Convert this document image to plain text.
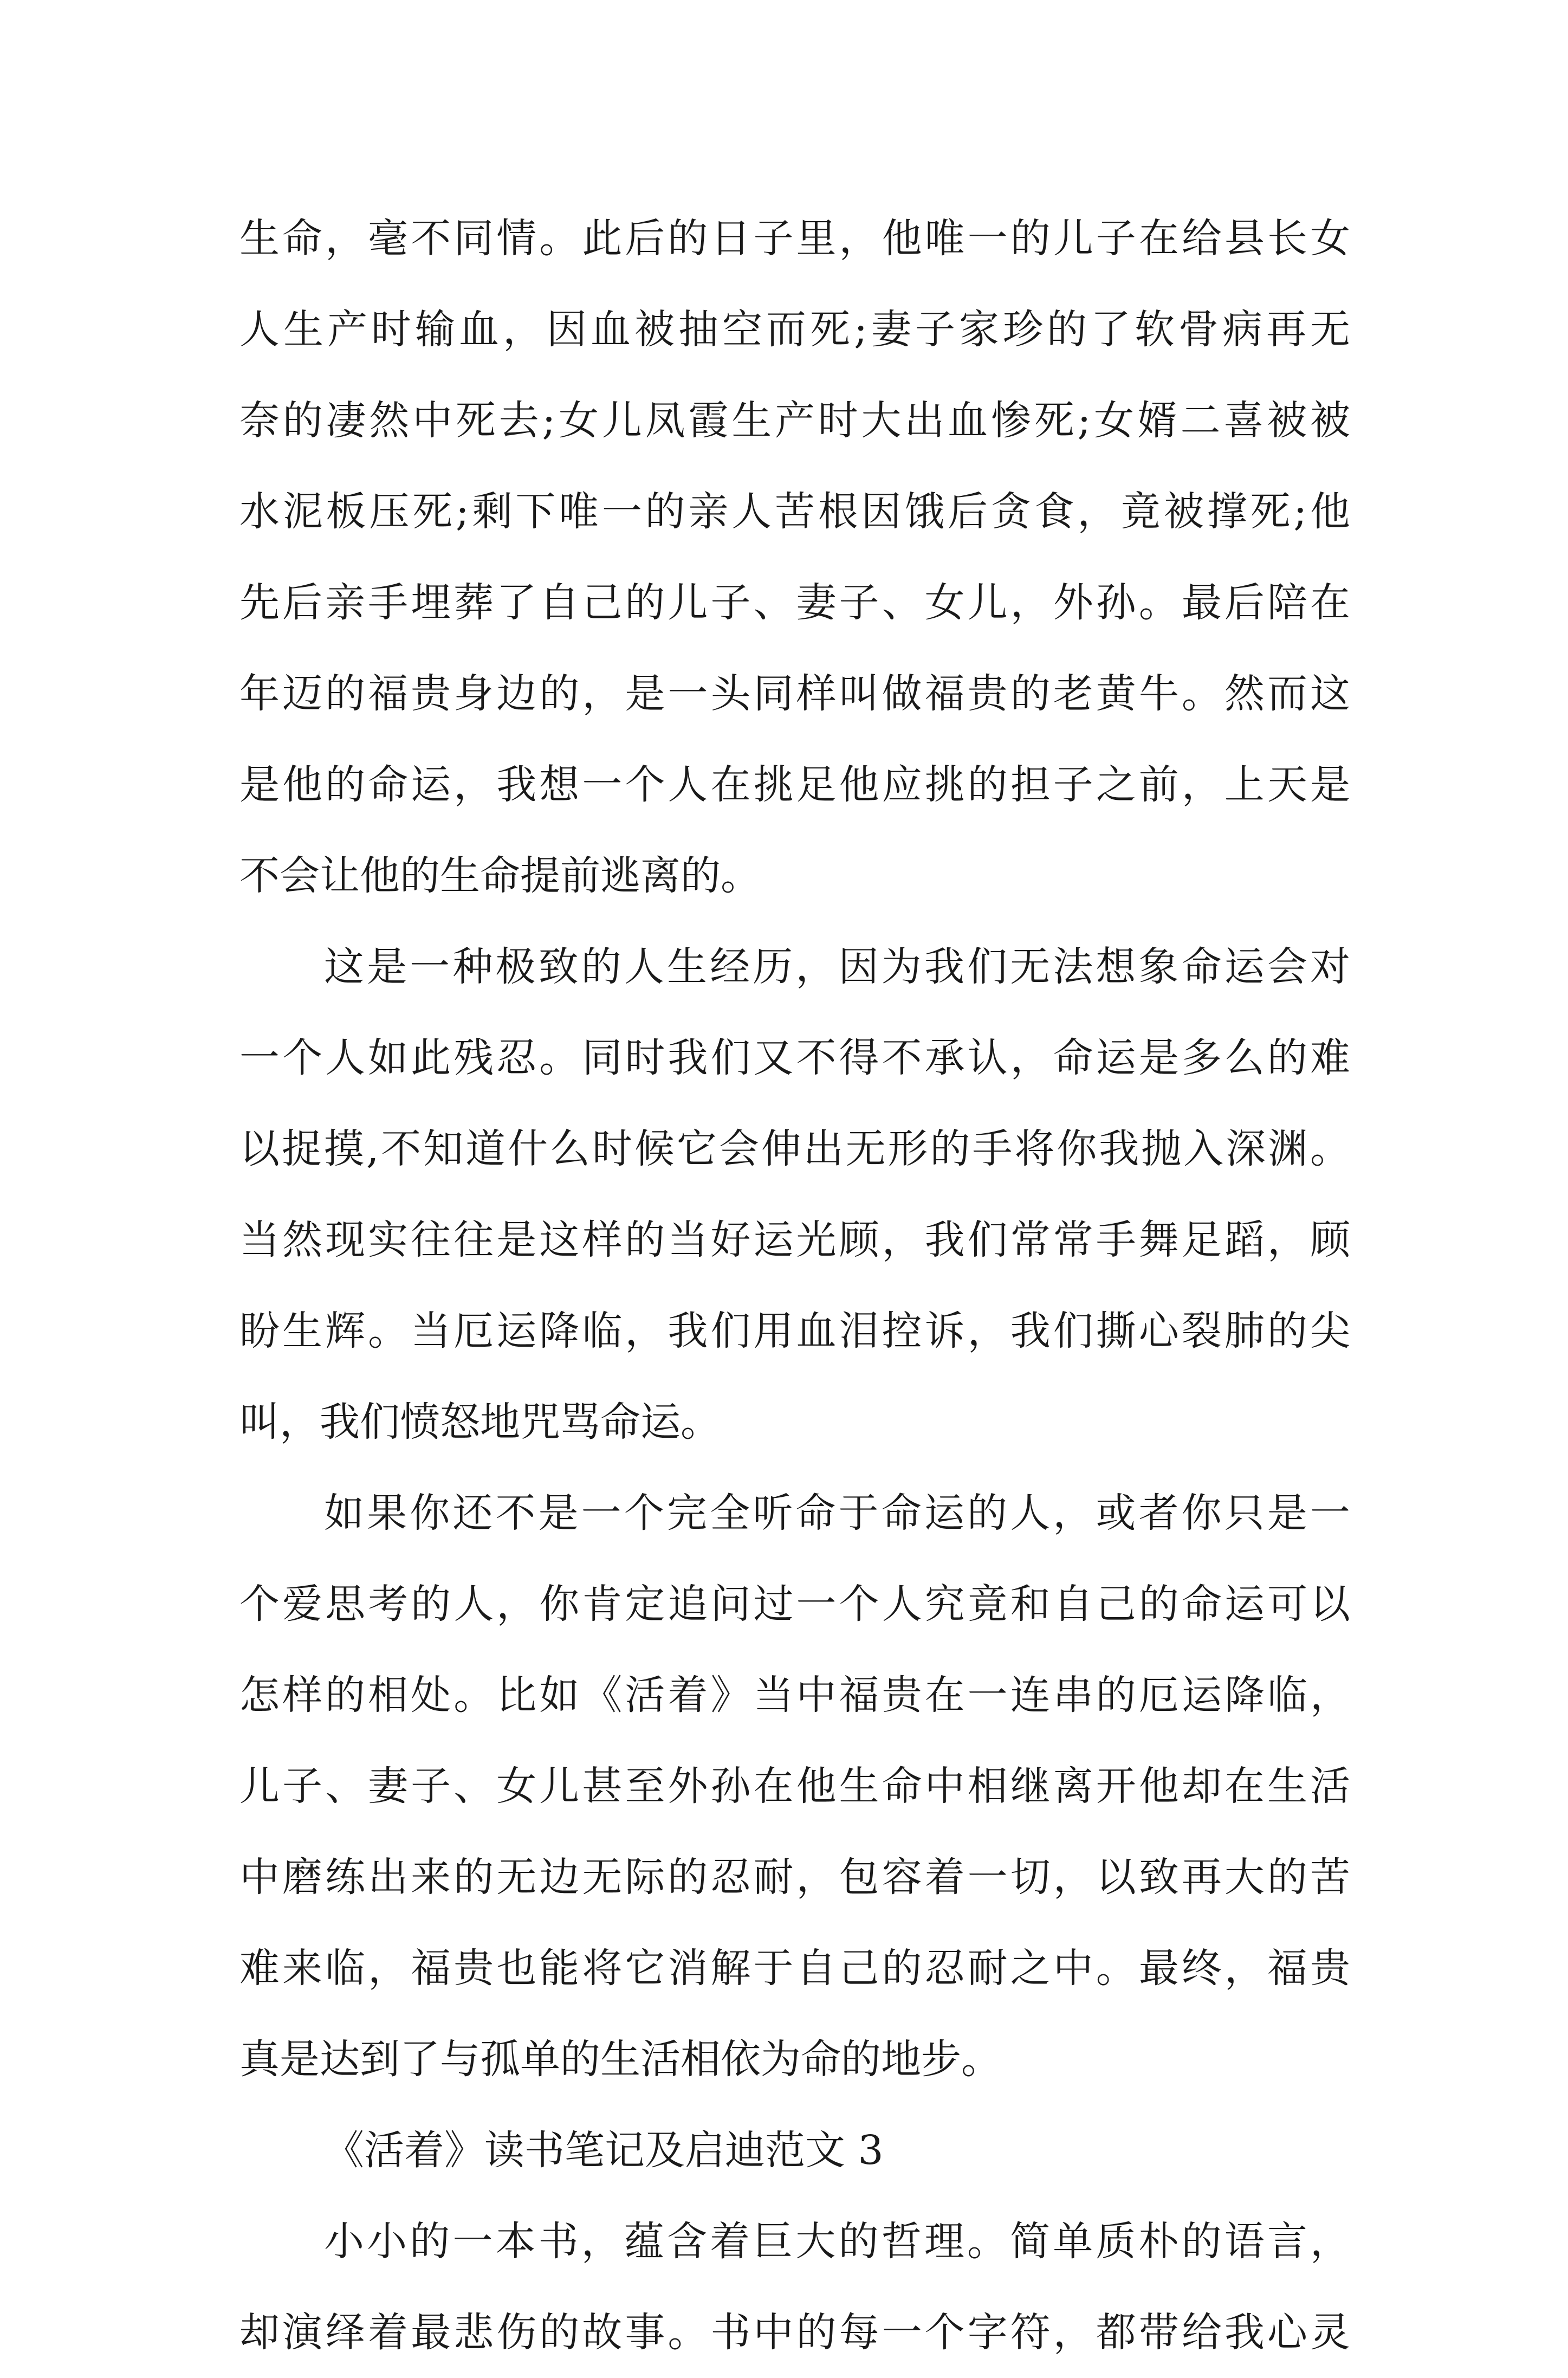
生命，毫不同情。此后的日子里，他唯一的儿子在给县长女
人生产时输血，因血被抽空而死;妻子家珍的了软骨病再无
奈的凄然中死去;女儿凤霞生产时大出血惨死;女婿二喜被被
水泥板压死;剩下唯一的亲人苦根因饿后贪食，竟被撑死;他
先后亲手埋葬了自己的儿子、妻子、女儿，外孙。最后陪在
年迈的福贵身边的，是一头同样叫做福贵的老黄牛。然而这
是他的命运，我想一个人在挑足他应挑的担子之前，上天是
不会让他的生命提前逃离的。
这是一种极致的人生经历，因为我们无法想象命运会对
一个人如此残忍。同时我们又不得不承认，命运是多么的难
以捉摸,不知道什么时候它会伸出无形的手将你我抛入深渊。
当然现实往往是这样的当好运光顾，我们常常手舞足蹈，顾
盼生辉。当厄运降临，我们用血泪控诉，我们撕心裂肺的尖
叫，我们愤怒地咒骂命运。
如果你还不是一个完全听命于命运的人，或者你只是一
个爱思考的人，你肯定追问过一个人究竟和自己的命运可以
怎样的相处。比如《活着》当中福贵在一连串的厄运降临，
儿子、妻子、女儿甚至外孙在他生命中相继离开他却在生活
中磨练出来的无边无际的忍耐，包容着一切，以致再大的苦
难来临，福贵也能将它消解于自己的忍耐之中。最终，福贵
真是达到了与孤单的生活相依为命的地步。
《活着》读书笔记及启迪范文 3
小小的一本书，蕴含着巨大的哲理。简单质朴的语言，
却演绎着最悲伤的故事。书中的每一个字符，都带给我心灵
